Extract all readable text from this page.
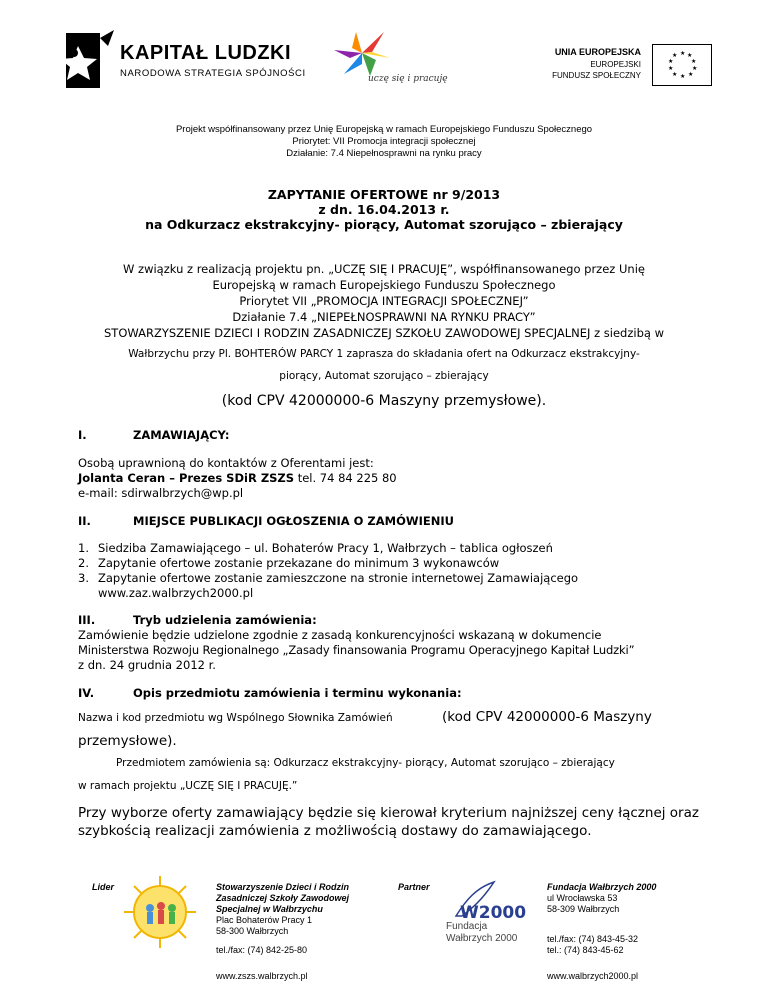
KAPITAŁ LUDZKI
NARODOWA STRATEGIA SPÓJNOŚCI	uczę się i pracuję
UNIA EUROPEJSKA
EUROPEJSKI
FUNDUSZ SPOŁECZNY
★ ★
★
★
★
★
★
★
★
★
Projekt współfinansowany przez Unię Europejską w ramach Europejskiego Funduszu Społecznego
Priorytet: VII Promocja integracji społecznej
Działanie: 7.4 Niepełnosprawni na rynku pracy
ZAPYTANIE OFERTOWE nr 9/2013
z dn. 16.04.2013 r.
na Odkurzacz ekstrakcyjny- piorący, Automat szorująco – zbierający
W związku z realizacją projektu pn. „UCZĘ SIĘ I PRACUJĘ”, współfinansowanego przez Unię
Europejską w ramach Europejskiego Funduszu Społecznego
Priorytet VII „PROMOCJA INTEGRACJI SPOŁECZNEJ”
Działanie 7.4 „NIEPEŁNOSPRAWNI NA RYNKU PRACY”
STOWARZYSZENIE DZIECI I RODZIN ZASADNICZEJ SZKOŁU ZAWODOWEJ SPECJALNEJ z siedzibą w
Wałbrzychu przy Pl. BOHTERÓW PARCY 1 zaprasza do składania ofert na Odkurzacz ekstrakcyjny-
piorący, Automat szorująco – zbierający
(kod CPV 42000000-6 Maszyny przemysłowe).
I.	ZAMAWIAJĄCY:
Osobą uprawnioną do kontaktów z Oferentami jest:
Jolanta Ceran – Prezes SDiR ZSZS tel. 74 84 225 80
e-mail: sdirwalbrzych@wp.pl
II.	MIEJSCE PUBLIKACJI OGŁOSZENIA O ZAMÓWIENIU
1. Siedziba Zamawiającego – ul. Bohaterów Pracy 1, Wałbrzych – tablica ogłoszeń
2. Zapytanie ofertowe zostanie przekazane do minimum 3 wykonawców
3. Zapytanie ofertowe zostanie zamieszczone na stronie internetowej Zamawiającego
www.zaz.walbrzych2000.pl
III.	Tryb udzielenia zamówienia:
Zamówienie będzie udzielone zgodnie z zasadą konkurencyjności wskazaną w dokumencie
Ministerstwa Rozwoju Regionalnego „Zasady finansowania Programu Operacyjnego Kapitał Ludzki”
z dn. 24 grudnia 2012 r.
IV.	Opis przedmiotu zamówienia i terminu wykonania:
Nazwa i kod przedmiotu wg Wspólnego Słownika Zamówień	(kod CPV 42000000-6 Maszyny
przemysłowe).
Przedmiotem zamówienia są: Odkurzacz ekstrakcyjny- piorący, Automat szorująco – zbierający
w ramach projektu „UCZĘ SIĘ I PRACUJĘ.”
Przy wyborze oferty zamawiający będzie się kierował kryterium najniższej ceny łącznej oraz
szybkością realizacji zamówienia z możliwością dostawy do zamawiającego.
Lider	Stowarzyszenie Dzieci i Rodzin
Zasadniczej Szkoły Zawodowej
Specjalnej w Wałbrzychu
Plac Bohaterów Pracy 1
58-300 Wałbrzych
tel./fax: (74) 842-25-80
www.zszs.walbrzych.pl
Partner
W2000
Fundacja
Wałbrzych 2000
Fundacja Wałbrzych 2000
ul Wrocławska 53
58-309 Wałbrzych
tel./fax: (74) 843-45-32
tel.: (74) 843-45-62
www.walbrzych2000.pl
